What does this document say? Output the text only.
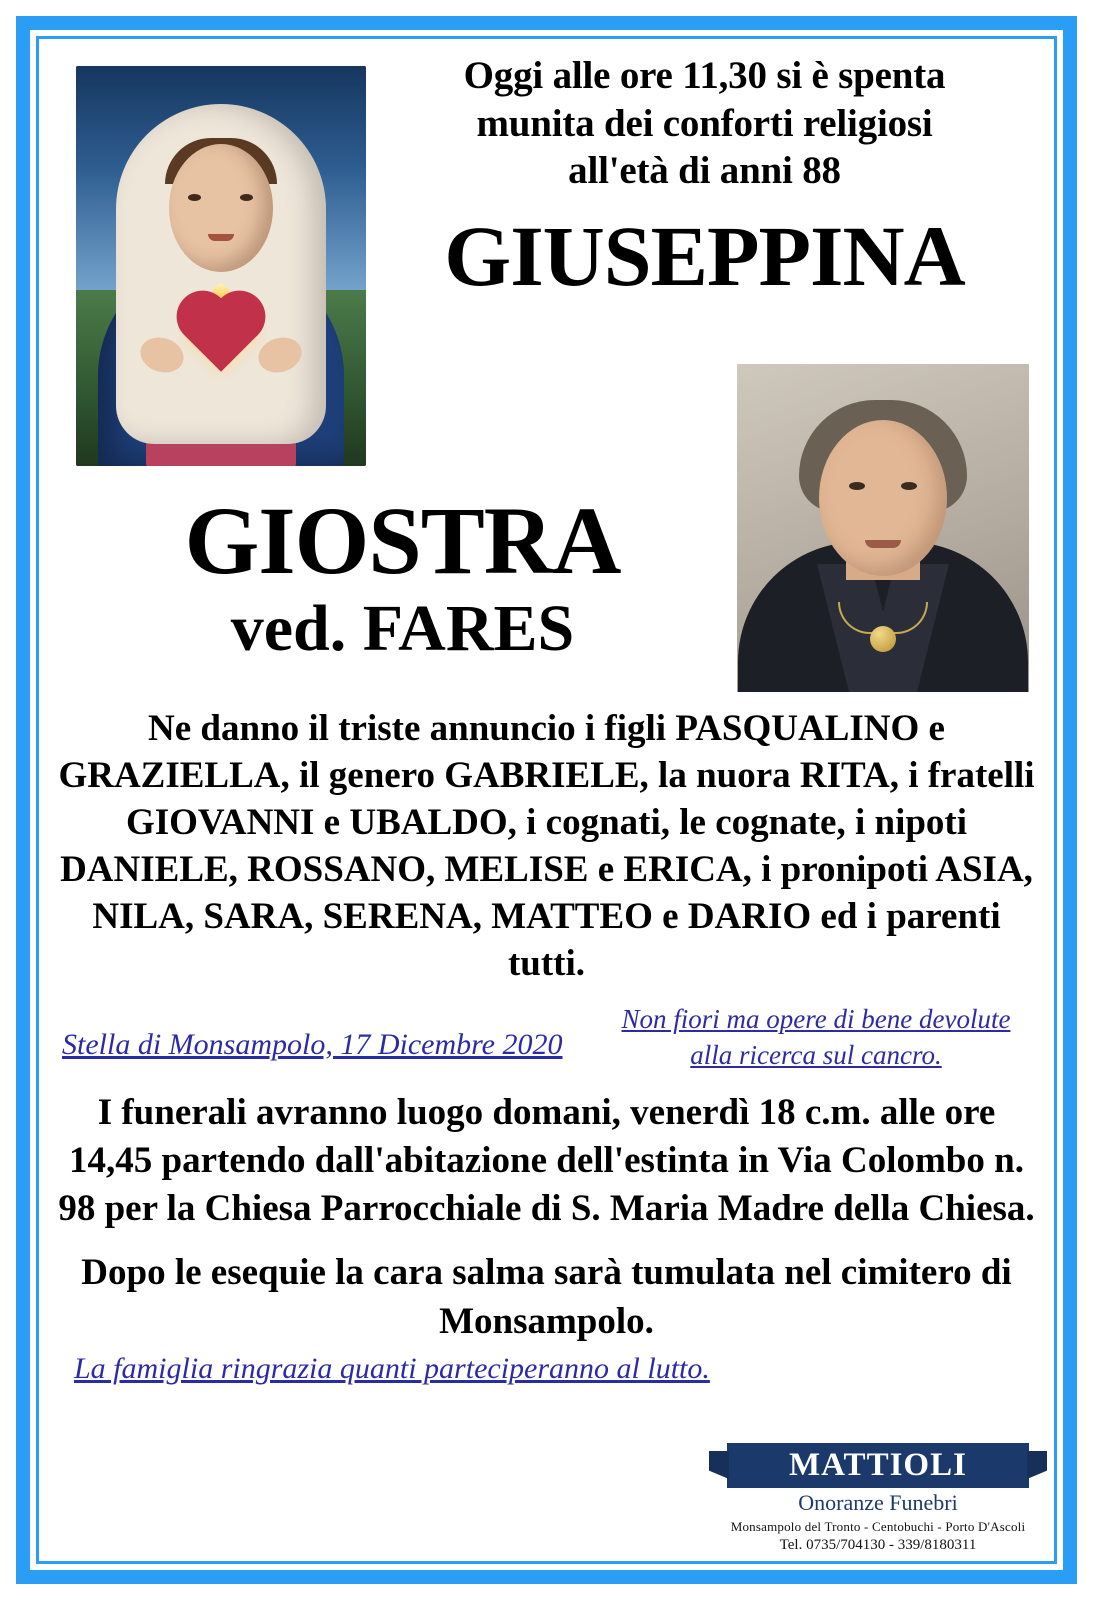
Oggi alle ore 11,30 si è spenta
munita dei conforti religiosi
all'età di anni 88
GIUSEPPINA
GIOSTRA
ved. FARES
Ne danno il triste annuncio i figli PASQUALINO e GRAZIELLA, il genero GABRIELE, la nuora RITA, i fratelli GIOVANNI e UBALDO, i cognati, le cognate, i nipoti DANIELE, ROSSANO, MELISE e ERICA, i pronipoti ASIA, NILA, SARA, SERENA, MATTEO e DARIO ed i parenti tutti.
Stella di Monsampolo, 17 Dicembre 2020
Non fiori ma opere di bene devolute alla ricerca sul cancro.
I funerali avranno luogo domani, venerdì 18 c.m. alle ore 14,45 partendo dall'abitazione dell'estinta in Via Colombo n. 98 per la Chiesa Parrocchiale di S. Maria Madre della Chiesa.
Dopo le esequie la cara salma sarà tumulata nel cimitero di Monsampolo.
La famiglia ringrazia quanti parteciperanno al lutto.
MATTIOLI
Onoranze Funebri
Monsampolo del Tronto - Centobuchi - Porto D'Ascoli
Tel. 0735/704130 - 339/8180311
